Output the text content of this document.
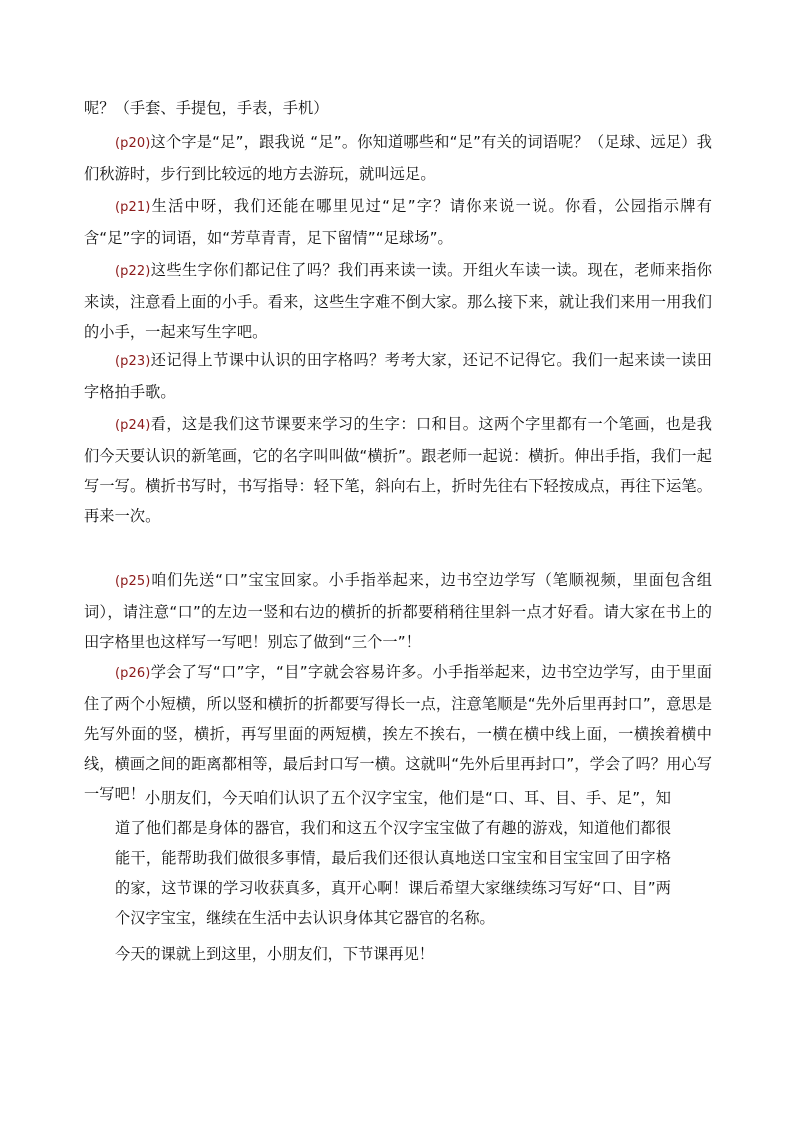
呢？（手套、手提包，手表，手机）

(p20)这个字是“足”，跟我说 “足”。你知道哪些和“足”有关的词语呢？（足球、远足）我们秋游时，步行到比较远的地方去游玩，就叫远足。

(p21)生活中呀，我们还能在哪里见过“足”字？请你来说一说。你看，公园指示牌有含“足”字的词语，如“芳草青青，足下留情”“足球场”。

(p22)这些生字你们都记住了吗？我们再来读一读。开组火车读一读。现在，老师来指你来读，注意看上面的小手。看来，这些生字难不倒大家。那么接下来，就让我们来用一用我们的小手，一起来写生字吧。

(p23)还记得上节课中认识的田字格吗？考考大家，还记不记得它。我们一起来读一读田字格拍手歌。

(p24)看，这是我们这节课要来学习的生字：口和目。这两个字里都有一个笔画，也是我们今天要认识的新笔画，它的名字叫叫做“横折”。跟老师一起说：横折。伸出手指，我们一起写一写。横折书写时，书写指导：轻下笔，斜向右上，折时先往右下轻按成点，再往下运笔。再来一次。

(p25)咱们先送“口”宝宝回家。小手指举起来，边书空边学写（笔顺视频，里面包含组词），请注意“口”的左边一竖和右边的横折的折都要稍稍往里斜一点才好看。请大家在书上的田字格里也这样写一写吧！别忘了做到“三个一”！

(p26)学会了写“口”字，“目”字就会容易许多。小手指举起来，边书空边学写，由于里面住了两个小短横，所以竖和横折的折都要写得长一点，注意笔顺是“先外后里再封口”，意思是先写外面的竖，横折，再写里面的两短横，挨左不挨右，一横在横中线上面，一横挨着横中线，横画之间的距离都相等，最后封口写一横。这就叫“先外后里再封口”，学会了吗？用心写一写吧！ 小朋友们，今天咱们认识了五个汉字宝宝，他们是“口、耳、目、手、足”，知道了他们都是身体的器官，我们和这五个汉字宝宝做了有趣的游戏，知道他们都很能干，能帮助我们做很多事情，最后我们还很认真地送口宝宝和目宝宝回了田字格的家，这节课的学习收获真多，真开心啊！课后希望大家继续练习写好“口、目”两个汉字宝宝，继续在生活中去认识身体其它器官的名称。

今天的课就上到这里，小朋友们，下节课再见！
